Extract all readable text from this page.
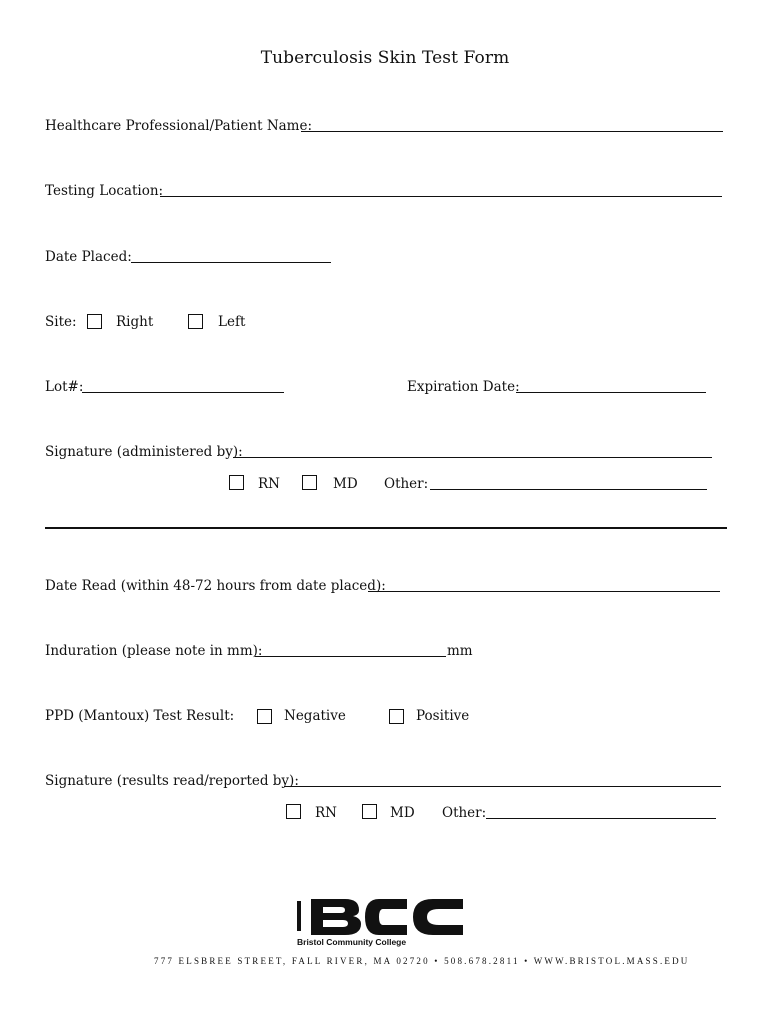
Tuberculosis Skin Test Form
Healthcare Professional/Patient Name:
Testing Location:
Date Placed:
Site:	Right	Left
Lot#:	Expiration Date:
Signature (administered by):
RN	MD Other:
Date Read (within 48-72 hours from date placed):
Induration (please note in mm):	mm
PPD (Mantoux) Test Result:	Negative	Positive
Signature (results read/reported by):
RN	MD Other:
Bristol Community College
777 ELSBREE STREET, FALL RIVER, MA 02720 • 508.678.2811 • WWW.BRISTOL.MASS.EDU
